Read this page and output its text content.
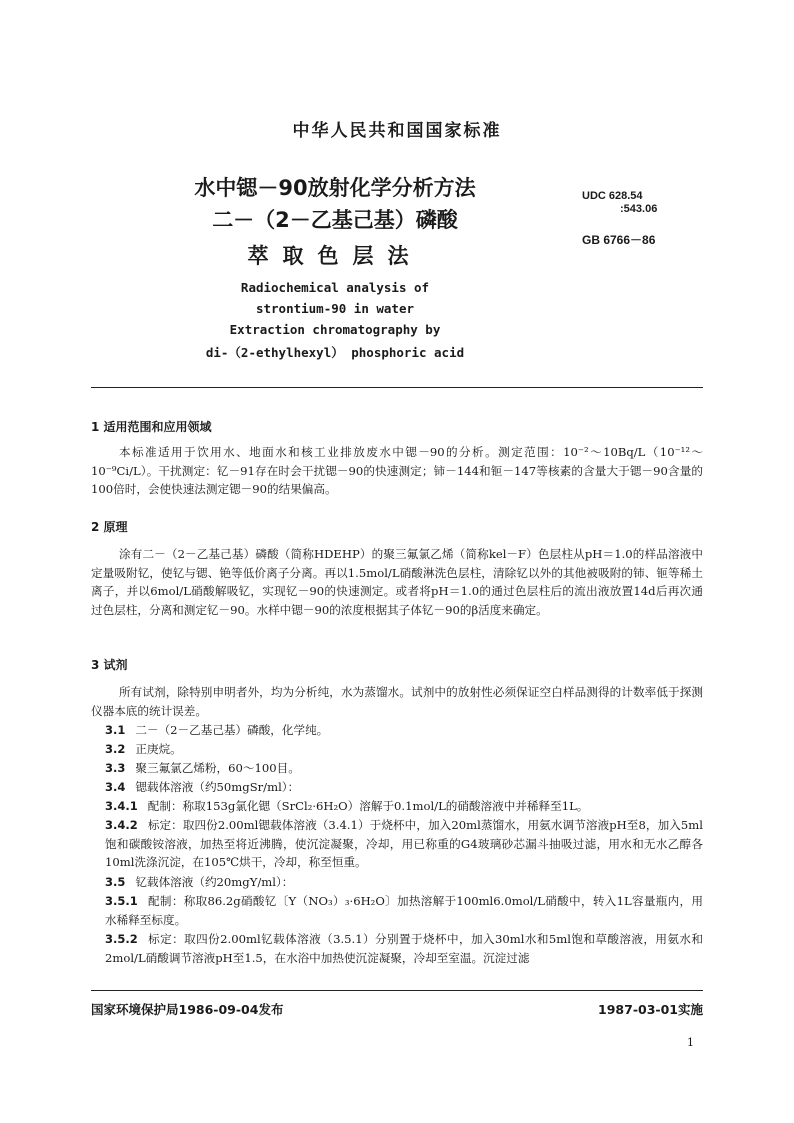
中华人民共和国国家标准
水中锶－90放射化学分析方法
二－（2－乙基己基）磷酸
萃取色层法
UDC 628.54
:543.06
GB 6766－86
Radiochemical analysis of
strontium-90 in water
Extraction chromatography by
di-（2-ethylhexyl） phosphoric acid
1 适用范围和应用领域
本标准适用于饮用水、地面水和核工业排放废水中锶－90的分析。测定范围：10⁻²～10Bq/L（10⁻¹²～10⁻⁹Ci/L）。干扰测定：钇－91存在时会干扰锶－90的快速测定；铈－144和钷－147等核素的含量大于锶－90含量的100倍时，会使快速法测定锶－90的结果偏高。
2 原理
涂有二－（2－乙基己基）磷酸（简称HDEHP）的聚三氟氯乙烯（简称kel－F）色层柱从pH＝1.0的样品溶液中定量吸附钇，使钇与锶、铯等低价离子分离。再以1.5mol/L硝酸淋洗色层柱，清除钇以外的其他被吸附的铈、钷等稀土离子，并以6mol/L硝酸解吸钇，实现钇－90的快速测定。或者将pH＝1.0的通过色层柱后的流出液放置14d后再次通过色层柱，分离和测定钇－90。水样中锶－90的浓度根据其子体钇－90的β活度来确定。
3 试剂
所有试剂，除特别申明者外，均为分析纯，水为蒸馏水。试剂中的放射性必须保证空白样品测得的计数率低于探测仪器本底的统计误差。
3.1 二－（2－乙基己基）磷酸，化学纯。
3.2 正庚烷。
3.3 聚三氟氯乙烯粉，60～100目。
3.4 锶载体溶液（约50mgSr/ml）：
国家环境保护局1986-09-04发布	1987-03-01实施
1
3.4.1 配制：称取153g氯化锶（SrCl₂·6H₂O）溶解于0.1mol/L的硝酸溶液中并稀释至1L。
3.4.2 标定：取四份2.00ml锶载体溶液（3.4.1）于烧杯中，加入20ml蒸馏水，用氨水调节溶液pH至8，加入5ml饱和碳酸铵溶液，加热至将近沸腾，使沉淀凝聚，冷却，用已称重的G4玻璃砂芯漏斗抽吸过滤，用水和无水乙醇各10ml洗涤沉淀，在105℃烘干，冷却，称至恒重。
3.5 钇载体溶液（约20mgY/ml）：
3.5.1 配制：称取86.2g硝酸钇〔Y（NO₃）₃·6H₂O〕加热溶解于100ml6.0mol/L硝酸中，转入1L容量瓶内，用水稀释至标度。
3.5.2 标定：取四份2.00ml钇载体溶液（3.5.1）分别置于烧杯中，加入30ml水和5ml饱和草酸溶液，用氨水和2mol/L硝酸调节溶液pH至1.5，在水浴中加热使沉淀凝聚，冷却至室温。沉淀过滤
